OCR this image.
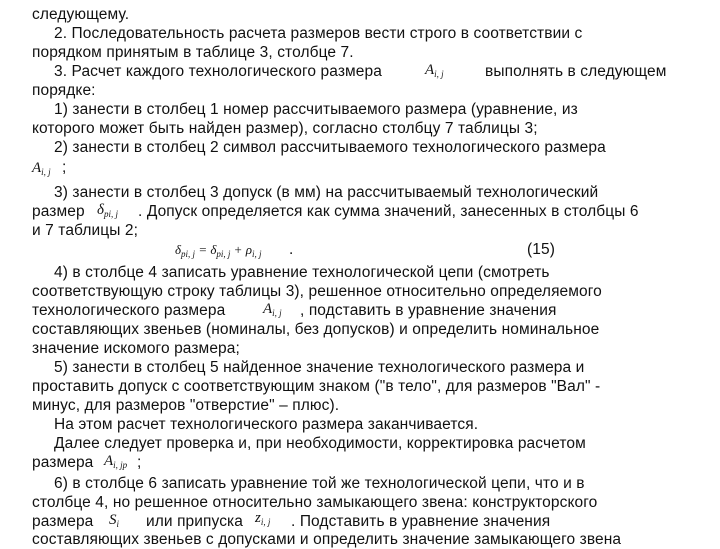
следующему.
2. Последовательность расчета размеров вести строго в соответствии с
порядком принятым в таблице 3, столбце 7.
3. Расчет каждого технологического размера	$A_{i, j}$	выполнять в следующем
порядке:
1) занести в столбец 1 номер рассчитываемого размера (уравнение, из
которого может быть найден размер), согласно столбцу 7 таблицы 3;
2) занести в столбец 2 символ рассчитываемого технологического размера
$A_{i, j}$ ;
3) занести в столбец 3 допуск (в мм) на рассчитываемый технологический
размер $\delta_{pi, j}$ . Допуск определяется как сумма значений, занесенных в столбцы 6
и 7 таблицы 2;
$\delta_{pi, j} = \delta_{pi, j} + \rho_{i, j}$ .	(15)
4) в столбце 4 записать уравнение технологической цепи (смотреть
соответствующую строку таблицы 3), решенное относительно определяемого
технологического размера	$A_{i, j}$ , подставить в уравнение значения
составляющих звеньев (номиналы, без допусков) и определить номинальное
значение искомого размера;
5) занести в столбец 5 найденное значение технологического размера и
проставить допуск с соответствующим знаком ("в тело", для размеров "Вал" -
минус, для размеров "отверстие" – плюс).
На этом расчет технологического размера заканчивается.
Далее следует проверка и, при необходимости, корректировка расчетом
размера $A_{i, jp}$ ;
6) в столбце 6 записать уравнение той же технологической цепи, что и в
столбце 4, но решенное относительно замыкающего звена: конструкторского
размера $S_i$ или припуска $z_{i, j}$ . Подставить в уравнение значения
составляющих звеньев с допусками и определить значение замыкающего звена
